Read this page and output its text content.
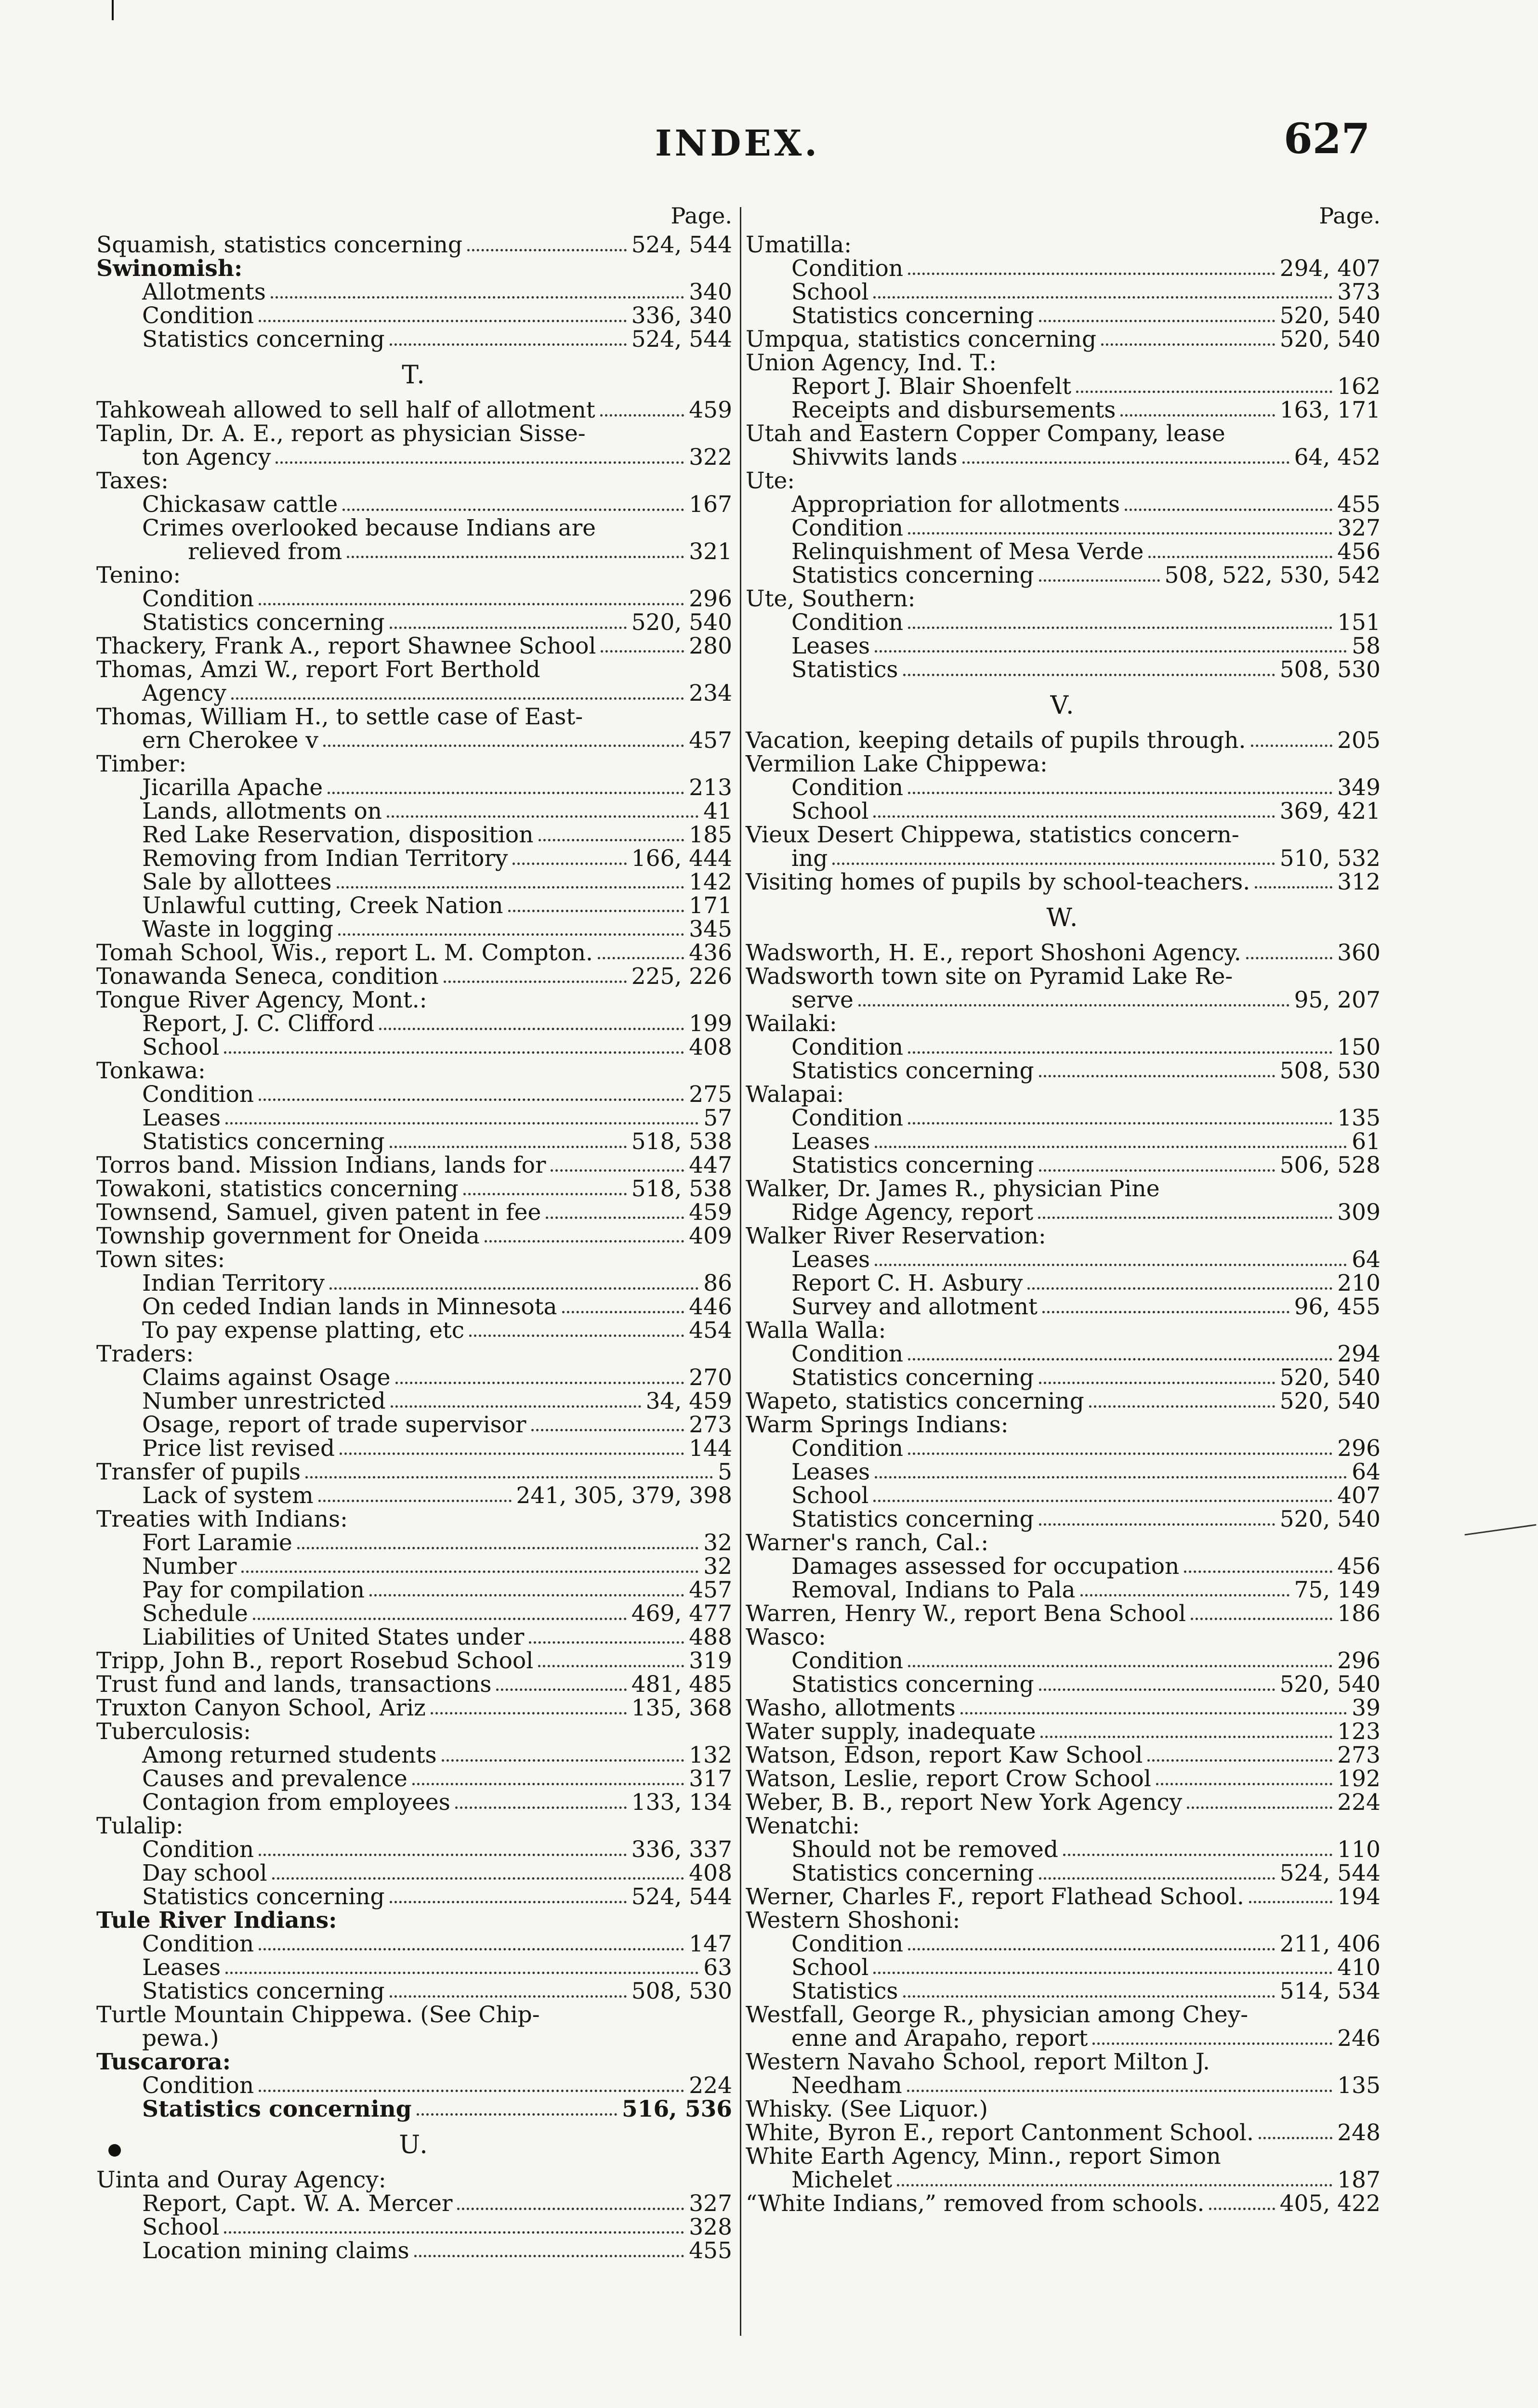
INDEX.	627
Page.
Squamish, statistics concerning	524, 544
Swinomish:
Allotments	340
Condition	336, 340
Statistics concerning	524, 544
T.
Tahkoweah allowed to sell half of allotment	459
Taplin, Dr. A. E., report as physician Sisse-
ton Agency	322
Taxes:
Chickasaw cattle	167
Crimes overlooked because Indians are
relieved from	321
Tenino:
Condition	296
Statistics concerning	520, 540
Thackery, Frank A., report Shawnee School	280
Thomas, Amzi W., report Fort Berthold
Agency	234
Thomas, William H., to settle case of East-
ern Cherokee v	457
Timber:
Jicarilla Apache	213
Lands, allotments on	41
Red Lake Reservation, disposition	185
Removing from Indian Territory	166, 444
Sale by allottees	142
Unlawful cutting, Creek Nation	171
Waste in logging	345
Tomah School, Wis., report L. M. Compton.	436
Tonawanda Seneca, condition	225, 226
Tongue River Agency, Mont.:
Report, J. C. Clifford	199
School	408
Tonkawa:
Condition	275
Leases	57
Statistics concerning	518, 538
Torros band. Mission Indians, lands for	447
Towakoni, statistics concerning	518, 538
Townsend, Samuel, given patent in fee	459
Township government for Oneida	409
Town sites:
Indian Territory	86
On ceded Indian lands in Minnesota	446
To pay expense platting, etc	454
Traders:
Claims against Osage	270
Number unrestricted	34, 459
Osage, report of trade supervisor	273
Price list revised	144
Transfer of pupils	5
Lack of system	241, 305, 379, 398
Treaties with Indians:
Fort Laramie	32
Number	32
Pay for compilation	457
Schedule	469, 477
Liabilities of United States under	488
Tripp, John B., report Rosebud School	319
Trust fund and lands, transactions	481, 485
Truxton Canyon School, Ariz	135, 368
Tuberculosis:
Among returned students	132
Causes and prevalence	317
Contagion from employees	133, 134
Tulalip:
Condition	336, 337
Day school	408
Statistics concerning	524, 544
Tule River Indians:
Condition	147
Leases	63
Statistics concerning	508, 530
Turtle Mountain Chippewa. (See Chip-
pewa.)
Tuscarora:
Condition	224
Statistics concerning	516, 536
U.
Uinta and Ouray Agency:
Report, Capt. W. A. Mercer	327
School	328
Location mining claims	455
Page.
Umatilla:
Condition	294, 407
School	373
Statistics concerning	520, 540
Umpqua, statistics concerning	520, 540
Union Agency, Ind. T.:
Report J. Blair Shoenfelt	162
Receipts and disbursements	163, 171
Utah and Eastern Copper Company, lease
Shivwits lands	64, 452
Ute:
Appropriation for allotments	455
Condition	327
Relinquishment of Mesa Verde	456
Statistics concerning	508, 522, 530, 542
Ute, Southern:
Condition	151
Leases	58
Statistics	508, 530
V.
Vacation, keeping details of pupils through.	205
Vermilion Lake Chippewa:
Condition	349
School	369, 421
Vieux Desert Chippewa, statistics concern-
ing	510, 532
Visiting homes of pupils by school-teachers.	312
W.
Wadsworth, H. E., report Shoshoni Agency.	360
Wadsworth town site on Pyramid Lake Re-
serve	95, 207
Wailaki:
Condition	150
Statistics concerning	508, 530
Walapai:
Condition	135
Leases	61
Statistics concerning	506, 528
Walker, Dr. James R., physician Pine
Ridge Agency, report	309
Walker River Reservation:
Leases	64
Report C. H. Asbury	210
Survey and allotment	96, 455
Walla Walla:
Condition	294
Statistics concerning	520, 540
Wapeto, statistics concerning	520, 540
Warm Springs Indians:
Condition	296
Leases	64
School	407
Statistics concerning	520, 540
Warner's ranch, Cal.:
Damages assessed for occupation	456
Removal, Indians to Pala	75, 149
Warren, Henry W., report Bena School	186
Wasco:
Condition	296
Statistics concerning	520, 540
Washo, allotments	39
Water supply, inadequate	123
Watson, Edson, report Kaw School	273
Watson, Leslie, report Crow School	192
Weber, B. B., report New York Agency	224
Wenatchi:
Should not be removed	110
Statistics concerning	524, 544
Werner, Charles F., report Flathead School.	194
Western Shoshoni:
Condition	211, 406
School	410
Statistics	514, 534
Westfall, George R., physician among Chey-
enne and Arapaho, report	246
Western Navaho School, report Milton J.
Needham	135
Whisky. (See Liquor.)
White, Byron E., report Cantonment School.	248
White Earth Agency, Minn., report Simon
Michelet	187
“White Indians,” removed from schools.	405, 422
